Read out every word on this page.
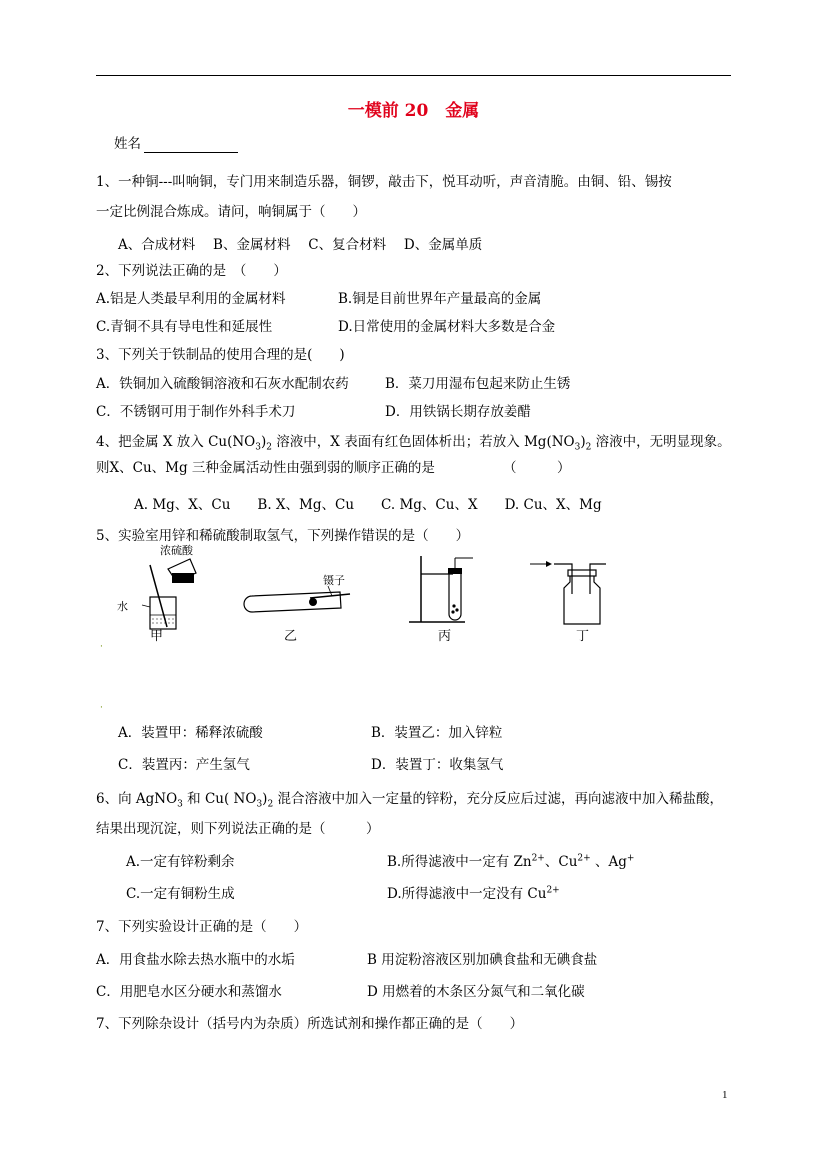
一模前 20　金属
姓名
1、一种铜---叫响铜，专门用来制造乐器，铜锣，敲击下，悦耳动听，声音清脆。由铜、铅、锡按
一定比例混合炼成。请问，响铜属于（　　）
A、合成材料　 B、金属材料　 C、复合材料　 D、金属单质
2、下列说法正确的是　（　　）
A.铝是人类最早利用的金属材料	B.铜是目前世界年产量最高的金属
C.青铜不具有导电性和延展性	D.日常使用的金属材料大多数是合金
3、下列关于铁制品的使用合理的是(　　)
A．铁铜加入硫酸铜溶液和石灰水配制农药	B．菜刀用湿布包起来防止生锈
C．不锈钢可用于制作外科手术刀	D．用铁锅长期存放姜醋
4、把金属 X 放入 $Cu(NO_3)_2$ 溶液中，X 表面有红色固体析出；若放入 $Mg(NO_3)_2$ 溶液中，无明显现象。
则X、Cu、Mg 三种金属活动性由强到弱的顺序正确的是	（　　　）
A. Mg、X、Cu　　B. X、Mg、Cu　　C. Mg、Cu、X　　D. Cu、X、Mg
5、实验室用锌和稀硫酸制取氢气，下列操作错误的是（　　）
浓硫酸
水
甲
镊子
乙	丙	丁
·
·
A．装置甲：稀释浓硫酸	B．装置乙：加入锌粒
C．装置丙：产生氢气	D．装置丁：收集氢气
6、向 AgNO$_3$ 和 Cu( $NO_3)_2$ 混合溶液中加入一定量的锌粉，充分反应后过滤，再向滤液中加入稀盐酸，
结果出现沉淀，则下列说法正确的是（　　　）
A.一定有锌粉剩余	B.所得滤液中一定有 $Zn^{2+}$、$Cu^{2+}$ 、Ag+
C.一定有铜粉生成	D.所得滤液中一定没有 $Cu^{2+}$
7、下列实验设计正确的是（　　）
A．用食盐水除去热水瓶中的水垢	B 用淀粉溶液区别加碘食盐和无碘食盐
C．用肥皂水区分硬水和蒸馏水	D 用燃着的木条区分氮气和二氧化碳
7、下列除杂设计（括号内为杂质）所选试剂和操作都正确的是（　　）
1
